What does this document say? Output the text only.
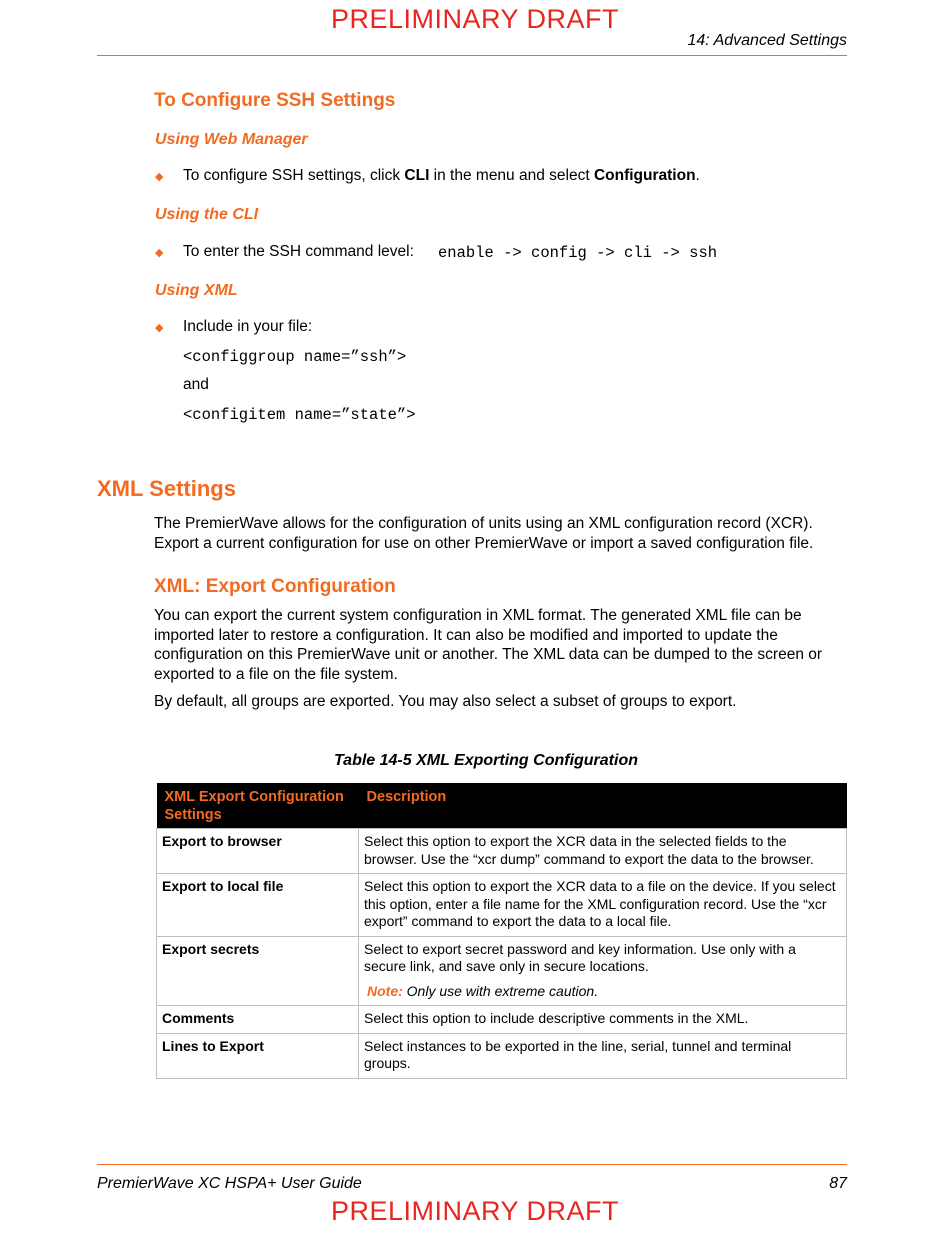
PRELIMINARY DRAFT
14: Advanced Settings
To Configure SSH Settings
Using Web Manager
◆ To configure SSH settings, click CLI in the menu and select Configuration.
Using the CLI
◆ To enter the SSH command level: enable -> config -> cli -> ssh
Using XML
◆ Include in your file:
<configgroup name=”ssh”>
and
<configitem name=”state”>
XML Settings
The PremierWave allows for the configuration of units using an XML configuration record (XCR). Export a current configuration for use on other PremierWave or import a saved configuration file.
XML: Export Configuration
You can export the current system configuration in XML format. The generated XML file can be imported later to restore a configuration. It can also be modified and imported to update the configuration on this PremierWave unit or another. The XML data can be dumped to the screen or exported to a file on the file system.
By default, all groups are exported. You may also select a subset of groups to export.
Table 14-5 XML Exporting Configuration
XML Export Configuration Settings	Description
Export to browser	Select this option to export the XCR data in the selected fields to the browser. Use the “xcr dump” command to export the data to the browser.
Export to local file	Select this option to export the XCR data to a file on the device. If you select this option, enter a file name for the XML configuration record. Use the “xcr export” command to export the data to a local file.
Export secrets	Select to export secret password and key information. Use only with a secure link, and save only in secure locations.
Note: Only use with extreme caution.

Comments	Select this option to include descriptive comments in the XML.
Lines to Export	Select instances to be exported in the line, serial, tunnel and terminal groups.
PremierWave XC HSPA+ User Guide	87
PRELIMINARY DRAFT
